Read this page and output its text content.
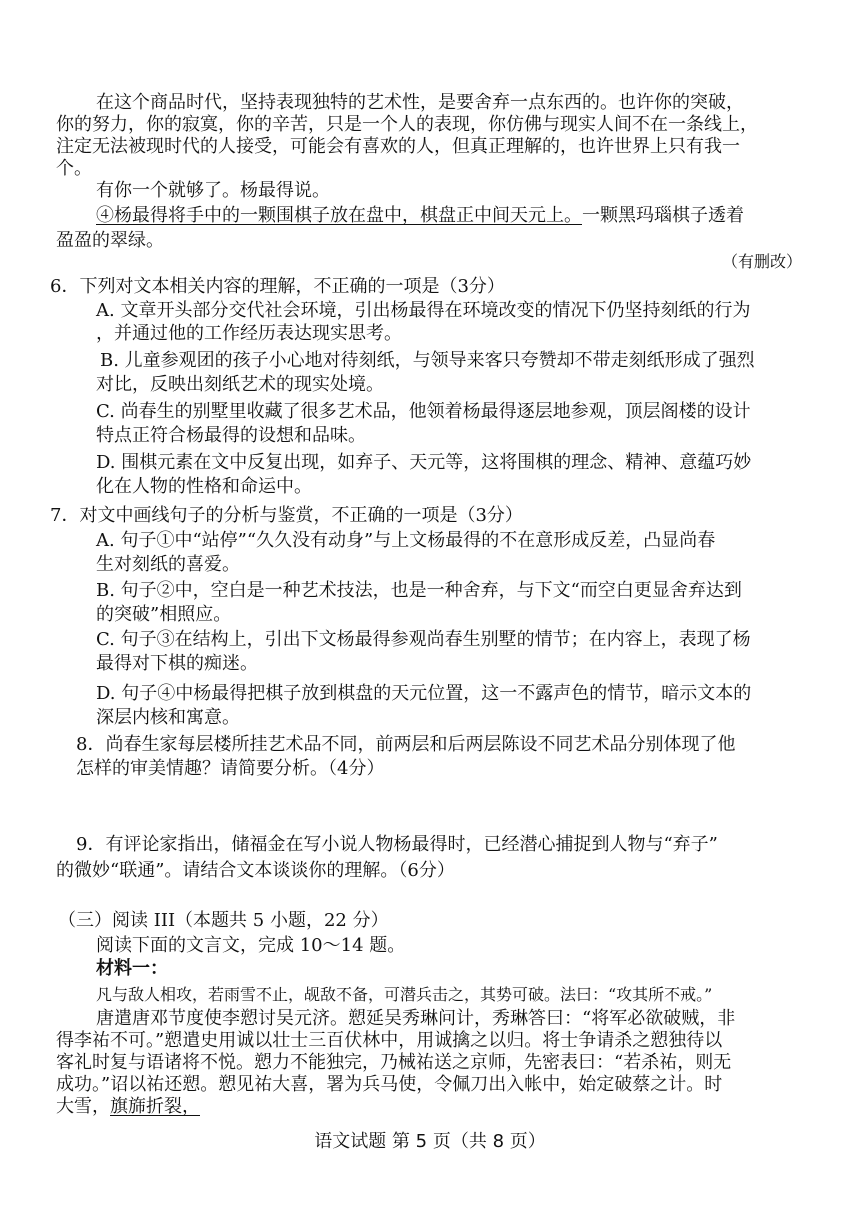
在这个商品时代，坚持表现独特的艺术性，是要舍弃一点东西的。也许你的突破，
你的努力，你的寂寞，你的辛苦，只是一个人的表现，你仿佛与现实人间不在一条线上，
注定无法被现时代的人接受，可能会有喜欢的人，但真正理解的，也许世界上只有我一
个。
有你一个就够了。杨最得说。
④杨最得将手中的一颗围棋子放在盘中，棋盘正中间天元上。一颗黑玛瑙棋子透着
盈盈的翠绿。
（有删改）
6．下列对文本相关内容的理解，不正确的一项是（3分）
A. 文章开头部分交代社会环境，引出杨最得在环境改变的情况下仍坚持刻纸的行为
，并通过他的工作经历表达现实思考。
B. 儿童参观团的孩子小心地对待刻纸，与领导来客只夸赞却不带走刻纸形成了强烈
对比，反映出刻纸艺术的现实处境。
C. 尚春生的别墅里收藏了很多艺术品，他领着杨最得逐层地参观，顶层阁楼的设计
特点正符合杨最得的设想和品味。
D. 围棋元素在文中反复出现，如弃子、天元等，这将围棋的理念、精神、意蕴巧妙
化在人物的性格和命运中。
7．对文中画线句子的分析与鉴赏，不正确的一项是（3分）
A. 句子①中“站停”“久久没有动身”与上文杨最得的不在意形成反差，凸显尚春
生对刻纸的喜爱。
B. 句子②中，空白是一种艺术技法，也是一种舍弃，与下文“而空白更显舍弃达到
的突破”相照应。
C. 句子③在结构上，引出下文杨最得参观尚春生别墅的情节；在内容上，表现了杨
最得对下棋的痴迷。
D. 句子④中杨最得把棋子放到棋盘的天元位置，这一不露声色的情节，暗示文本的
深层内核和寓意。
8．尚春生家每层楼所挂艺术品不同，前两层和后两层陈设不同艺术品分别体现了他
怎样的审美情趣？请简要分析。（4分）
9．有评论家指出，储福金在写小说人物杨最得时，已经潜心捕捉到人物与“弃子”
的微妙“联通”。请结合文本谈谈你的理解。（6分）
（三）阅读 III（本题共 5 小题，22 分）
阅读下面的文言文，完成 10～14 题。
材料一：
凡与敌人相攻，若雨雪不止，觇敌不备，可潜兵击之，其势可破。法曰：“攻其所不戒。”
唐遣唐邓节度使李愬讨吴元济。愬延吴秀琳问计，秀琳答曰：“将军必欲破贼，非
得李祐不可。”愬遣史用诚以壮士三百伏林中，用诚擒之以归。将士争请杀之愬独待以
客礼时复与语诸将不悦。愬力不能独完，乃械祐送之京师，先密表曰：“若杀祐，则无
成功。”诏以祐还愬。愬见祐大喜，署为兵马使，令佩刀出入帐中，始定破蔡之计。时
大雪，旗旆折裂，
语文试题 第 5 页（共 8 页）
